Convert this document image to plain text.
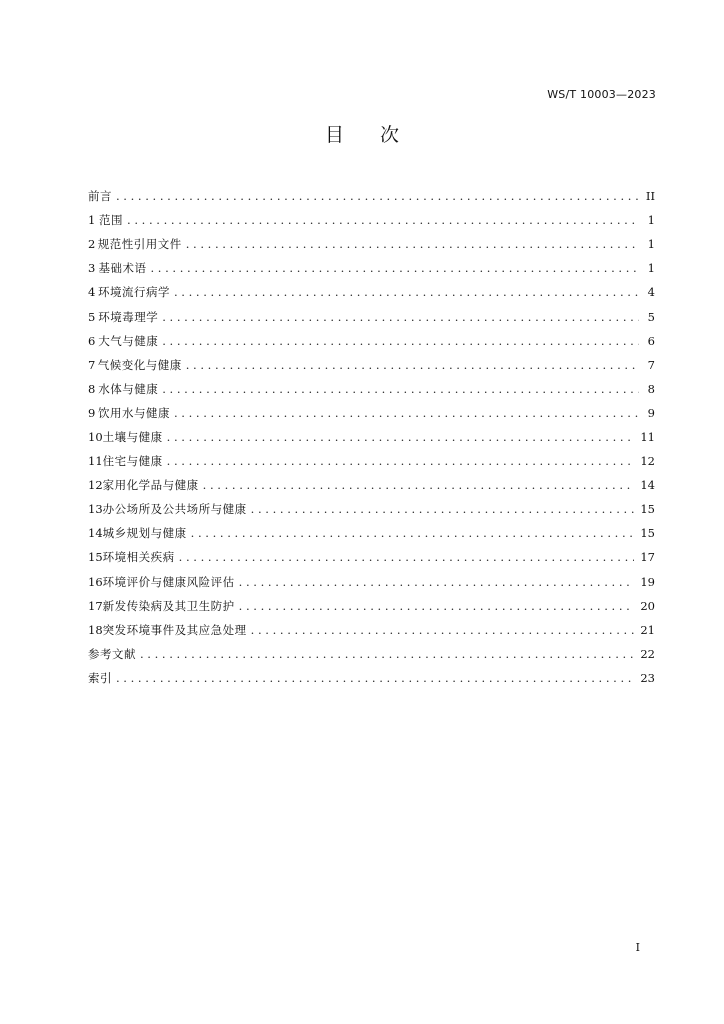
WS/T 10003—2023
目次
前言 . . .	II
1 范围 . . .	1
2 规范性引用文件 . . .	1
3 基础术语 . . .	1
4 环境流行病学 . . .	4
5 环境毒理学 . . .	5
6 大气与健康 . . .	6
7 气候变化与健康 . . .	7
8 水体与健康 . . .	8
9 饮用水与健康 . . .	9
10 土壤与健康 . . .	11
11 住宅与健康 . . .	12
12 家用化学品与健康 . . .	14
13 办公场所及公共场所与健康 . . .	15
14 城乡规划与健康 . . .	15
15 环境相关疾病 . . .	17
16 环境评价与健康风险评估 . . .	19
17 新发传染病及其卫生防护 . . .	20
18 突发环境事件及其应急处理 . . .	21
参考文献 . . .	22
索引 . . .	23
I
